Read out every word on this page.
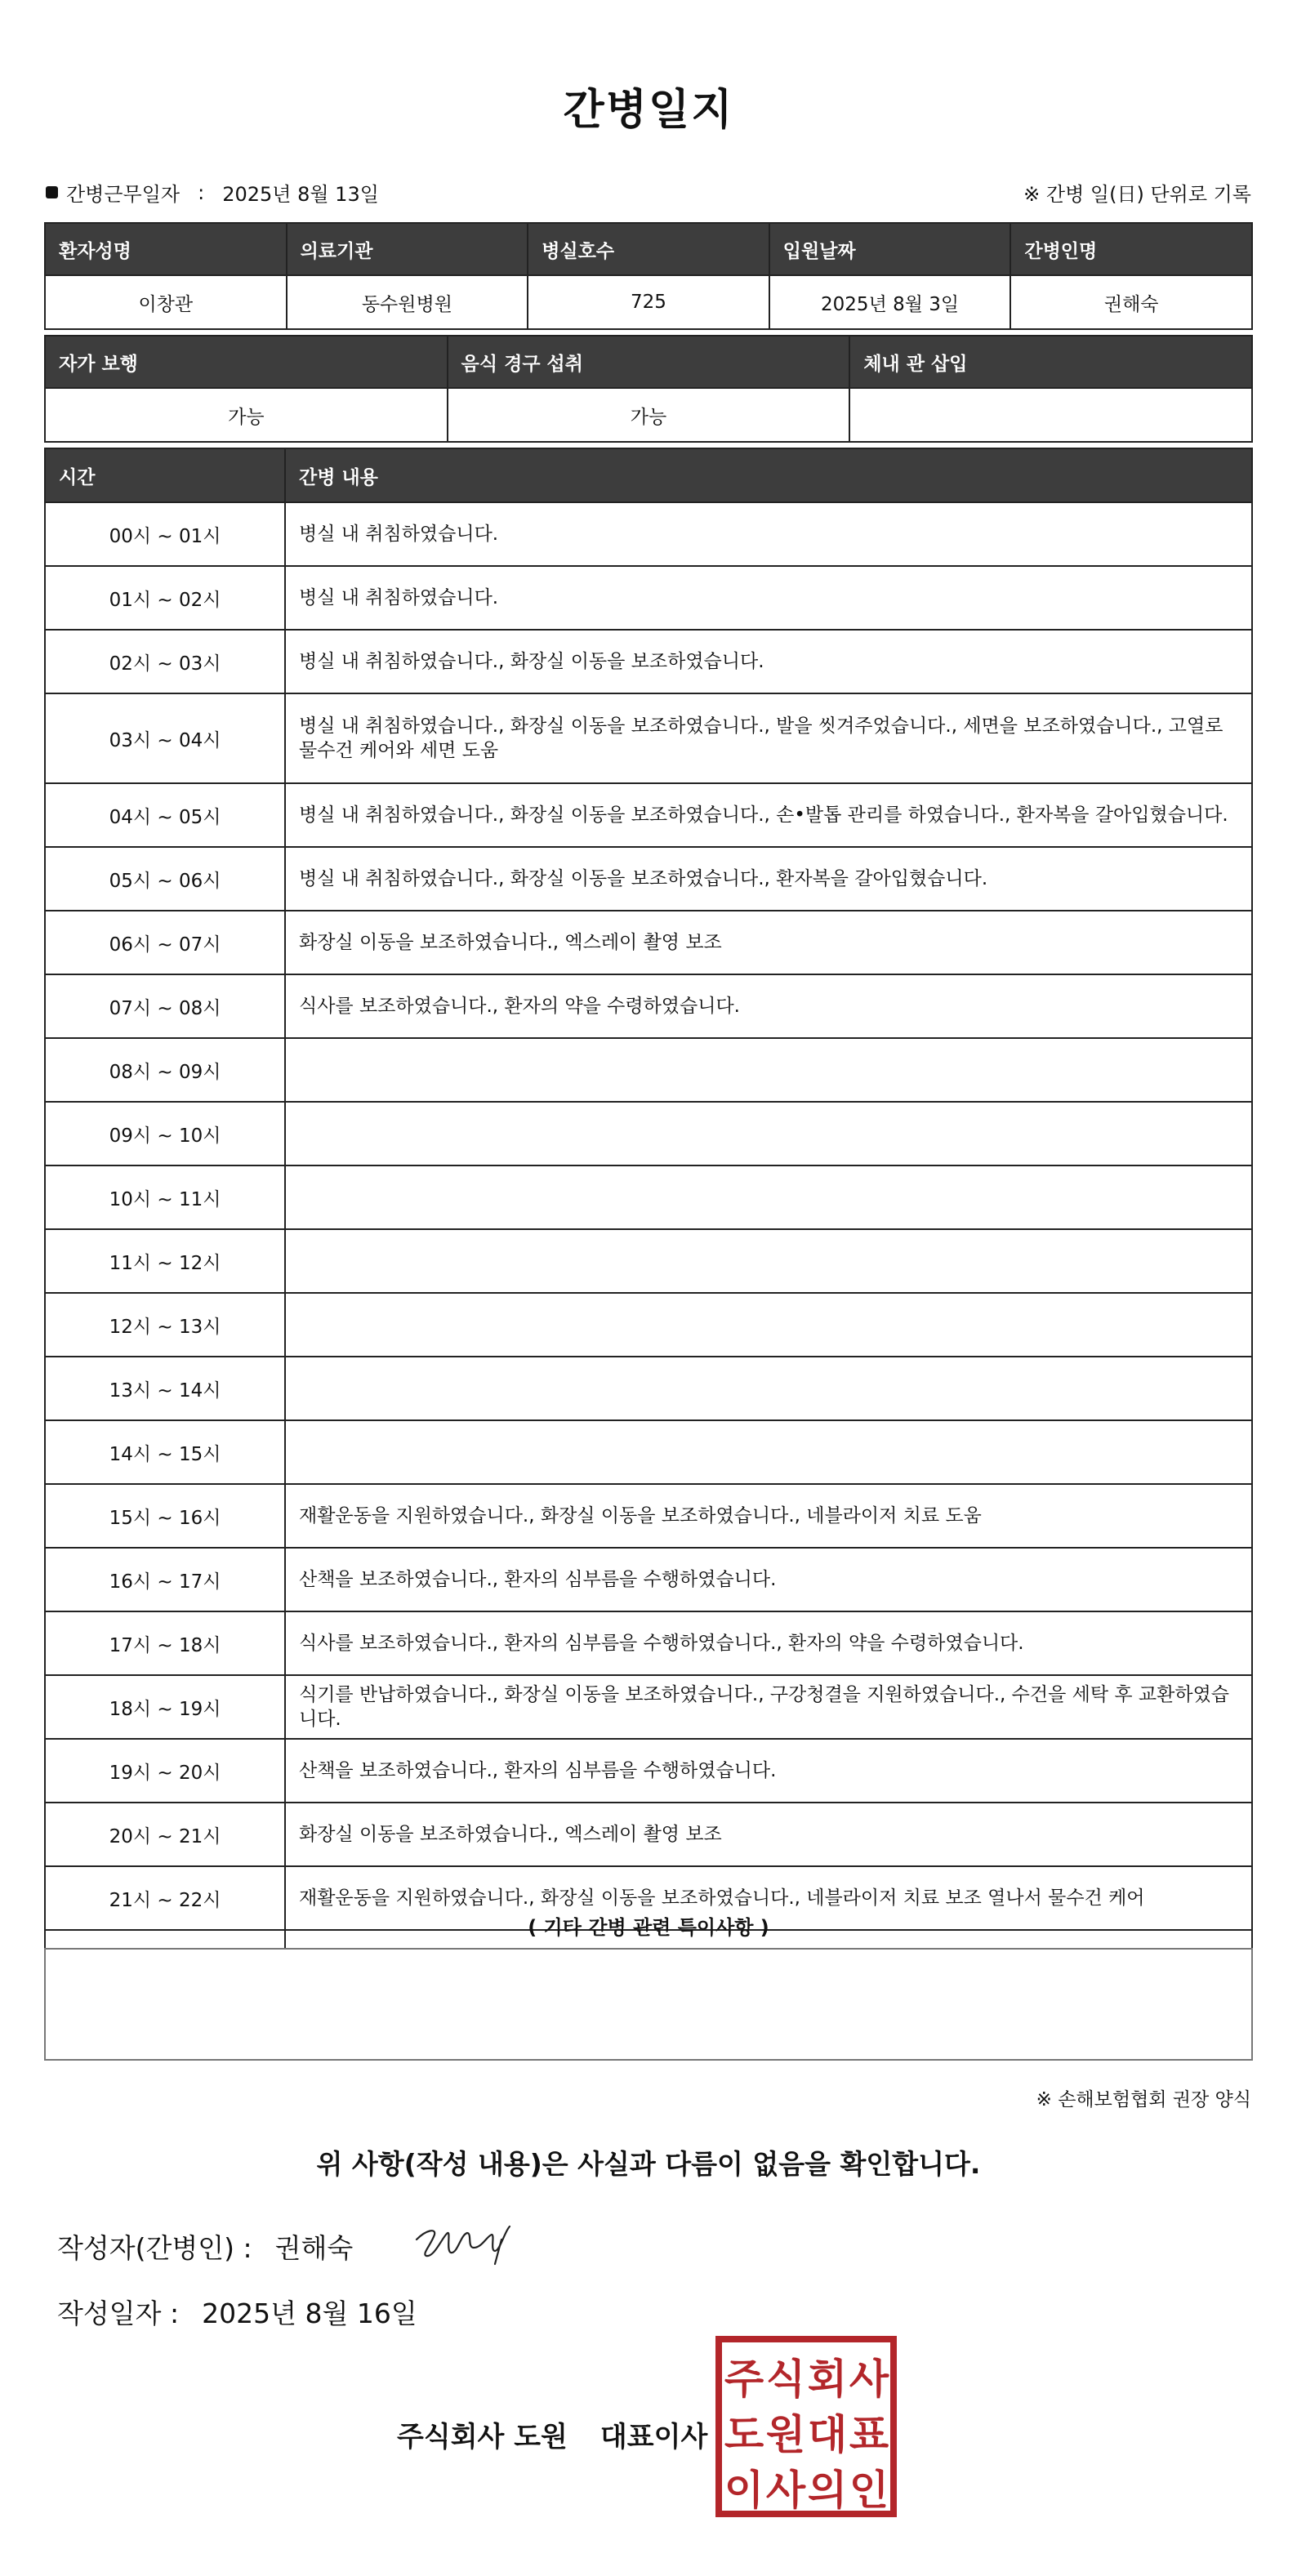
간병일지
간병근무일자 : 2025년 8월 13일	※ 간병 일(日) 단위로 기록
환자성명	의료기관	병실호수	입원날짜	간병인명
이창관	동수원병원	725	2025년 8월 3일	권해숙
자가 보행	음식 경구 섭취	체내 관 삽입
가능	가능	
시간	간병 내용
00시 ~ 01시	병실 내 취침하였습니다.
01시 ~ 02시	병실 내 취침하였습니다.
02시 ~ 03시	병실 내 취침하였습니다., 화장실 이동을 보조하였습니다.
03시 ~ 04시	병실 내 취침하였습니다., 화장실 이동을 보조하였습니다., 발을 씻겨주었습니다., 세면을 보조하였습니다., 고열로 물수건 케어와 세면 도움
04시 ~ 05시	병실 내 취침하였습니다., 화장실 이동을 보조하였습니다., 손•발톱 관리를 하였습니다., 환자복을 갈아입혔습니다.
05시 ~ 06시	병실 내 취침하였습니다., 화장실 이동을 보조하였습니다., 환자복을 갈아입혔습니다.
06시 ~ 07시	화장실 이동을 보조하였습니다., 엑스레이 촬영 보조
07시 ~ 08시	식사를 보조하였습니다., 환자의 약을 수령하였습니다.
08시 ~ 09시	
09시 ~ 10시	
10시 ~ 11시	
11시 ~ 12시	
12시 ~ 13시	
13시 ~ 14시	
14시 ~ 15시	
15시 ~ 16시	재활운동을 지원하였습니다., 화장실 이동을 보조하였습니다., 네블라이저 치료 도움
16시 ~ 17시	산책을 보조하였습니다., 환자의 심부름을 수행하였습니다.
17시 ~ 18시	식사를 보조하였습니다., 환자의 심부름을 수행하였습니다., 환자의 약을 수령하였습니다.
18시 ~ 19시	식기를 반납하였습니다., 화장실 이동을 보조하였습니다., 구강청결을 지원하였습니다., 수건을 세탁 후 교환하였습니다.
19시 ~ 20시	산책을 보조하였습니다., 환자의 심부름을 수행하였습니다.
20시 ~ 21시	화장실 이동을 보조하였습니다., 엑스레이 촬영 보조
21시 ~ 22시	재활운동을 지원하였습니다., 화장실 이동을 보조하였습니다., 네블라이저 치료 보조 열나서 물수건 케어

( 기타 간병 관련 특이사항 )
※ 손해보험협회 권장 양식
위 사항(작성 내용)은 사실과 다름이 없음을 확인합니다.
작성자(간병인) : 권해숙
작성일자 : 2025년 8월 16일
주식회사 도원 대표이사
주 식 회 사
도 원 대 표
이 사 의 인
